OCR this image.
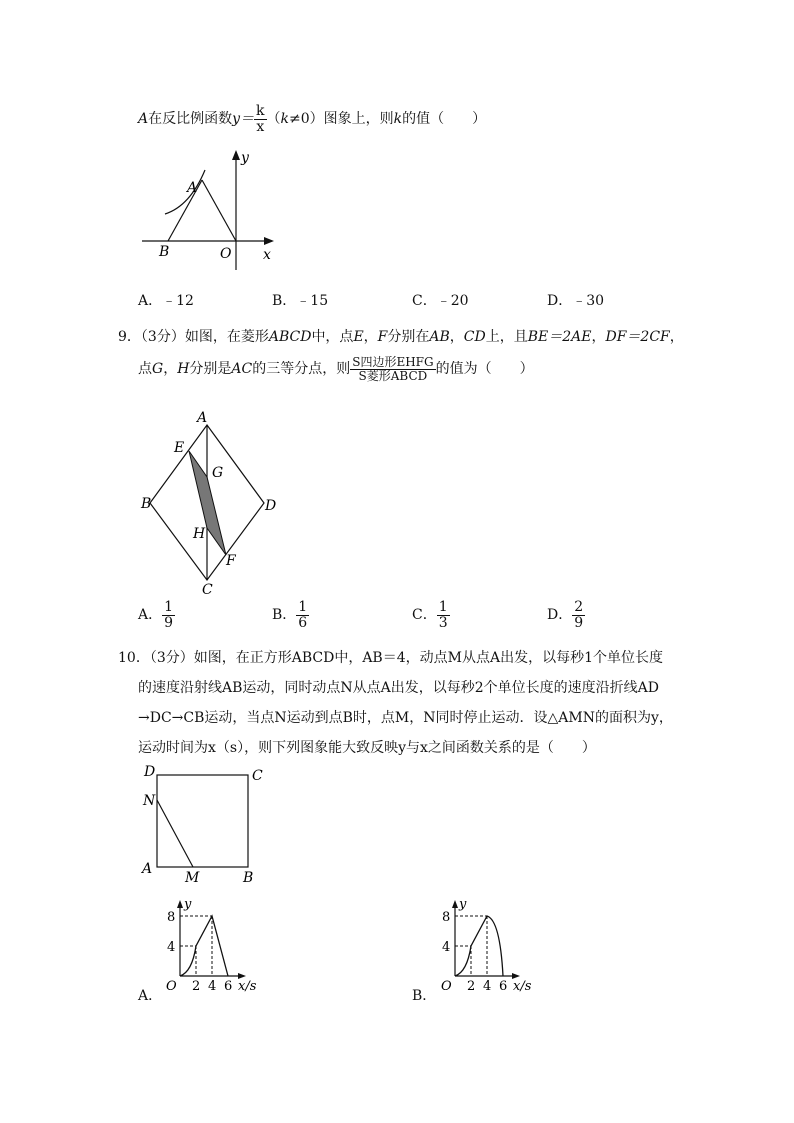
A在反比例函数$y= \frac{k}{x} (k\ne 0)$图象上，则k的值（　　）
y
x
A
B	O
A．﹣12	B．﹣15	C．﹣20	D．﹣30
9．（3分）如图，在菱形ABCD中，点E，F分别在AB，CD上，且BE＝2AE，DF＝2CF，
点G，H分别是AC的三等分点，则 $\frac{\text{S四边形EHFG}}{\text{S菱形ABCD}}$ 的值为（　　）
A
B
C
D
E
F
G
H
A． $\frac{1}{9}$	B． $\frac{1}{6}$	C． $\frac{1}{3}$	D． $\frac{2}{9}$
10．（3分）如图，在正方形ABCD中，AB＝4，动点M从点A出发，以每秒1个单位长度
的速度沿射线AB运动，同时动点N从点A出发，以每秒2个单位长度的速度沿折线AD
→DC→CB运动，当点N运动到点B时，点M，N同时停止运动．设△AMN的面积为y，
运动时间为x（s），则下列图象能大致反映y与x之间函数关系的是（　　）
D	C
N
A
M	B
y
8
4
O 2 4 6 x/s
A．
y
8
4
O 2 4 6 x/s
B．
